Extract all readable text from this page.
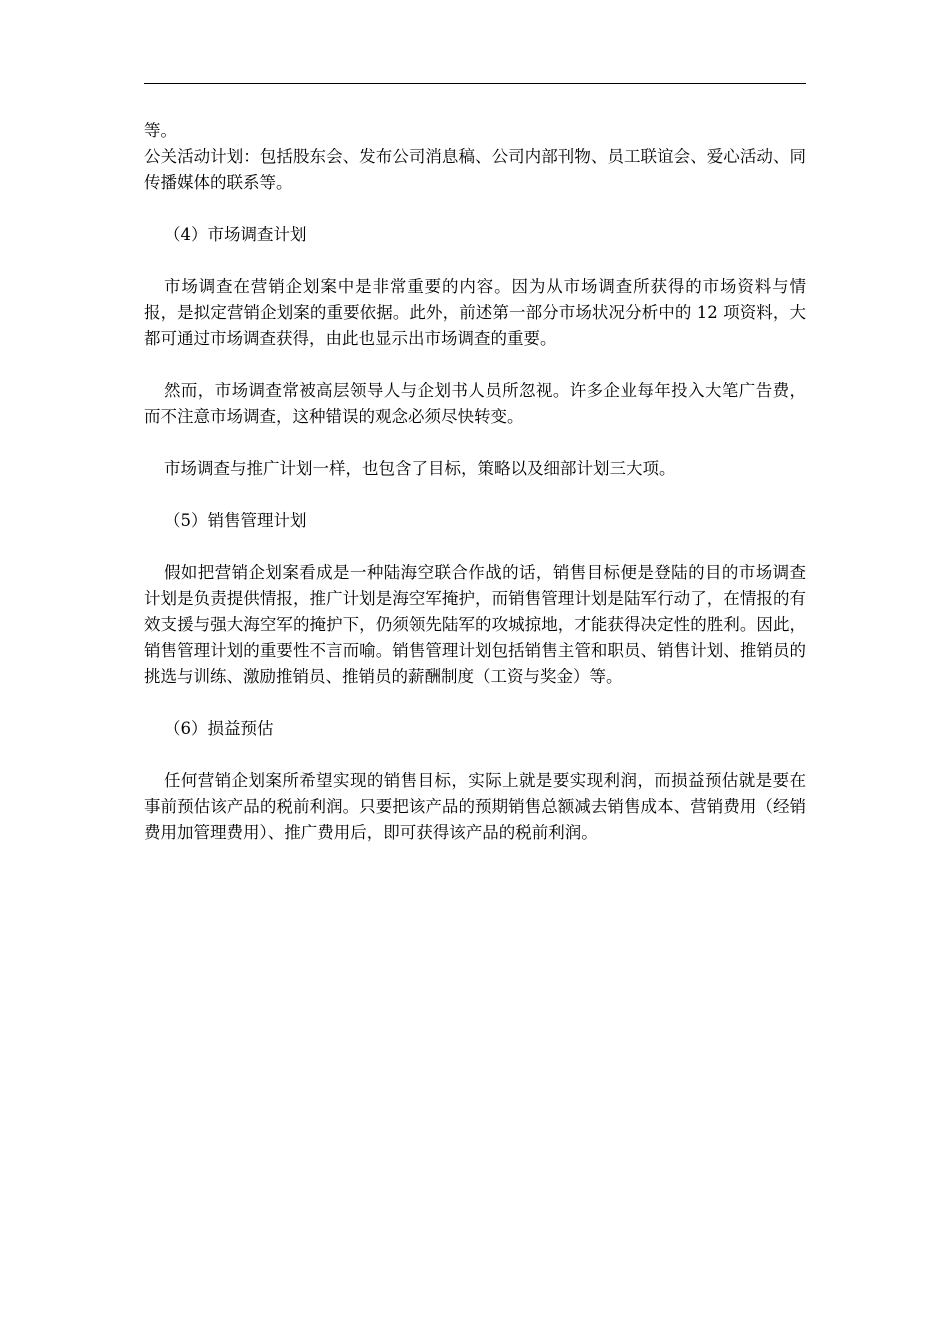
等。

公关活动计划：包括股东会、发布公司消息稿、公司内部刊物、员工联谊会、爱心活动、同传播媒体的联系等。

（4）市场调查计划

市场调查在营销企划案中是非常重要的内容。因为从市场调查所获得的市场资料与情报，是拟定营销企划案的重要依据。此外，前述第一部分市场状况分析中的 12 项资料，大都可通过市场调查获得，由此也显示出市场调查的重要。

然而，市场调查常被高层领导人与企划书人员所忽视。许多企业每年投入大笔广告费，而不注意市场调查，这种错误的观念必须尽快转变。

市场调查与推广计划一样，也包含了目标，策略以及细部计划三大项。

（5）销售管理计划

假如把营销企划案看成是一种陆海空联合作战的话，销售目标便是登陆的目的市场调查计划是负责提供情报，推广计划是海空军掩护，而销售管理计划是陆军行动了，在情报的有效支援与强大海空军的掩护下，仍须领先陆军的攻城掠地，才能获得决定性的胜利。因此，销售管理计划的重要性不言而喻。销售管理计划包括销售主管和职员、销售计划、推销员的挑选与训练、激励推销员、推销员的薪酬制度（工资与奖金）等。

（6）损益预估

任何营销企划案所希望实现的销售目标，实际上就是要实现利润，而损益预估就是要在事前预估该产品的税前利润。只要把该产品的预期销售总额减去销售成本、营销费用（经销费用加管理费用）、推广费用后，即可获得该产品的税前利润。
